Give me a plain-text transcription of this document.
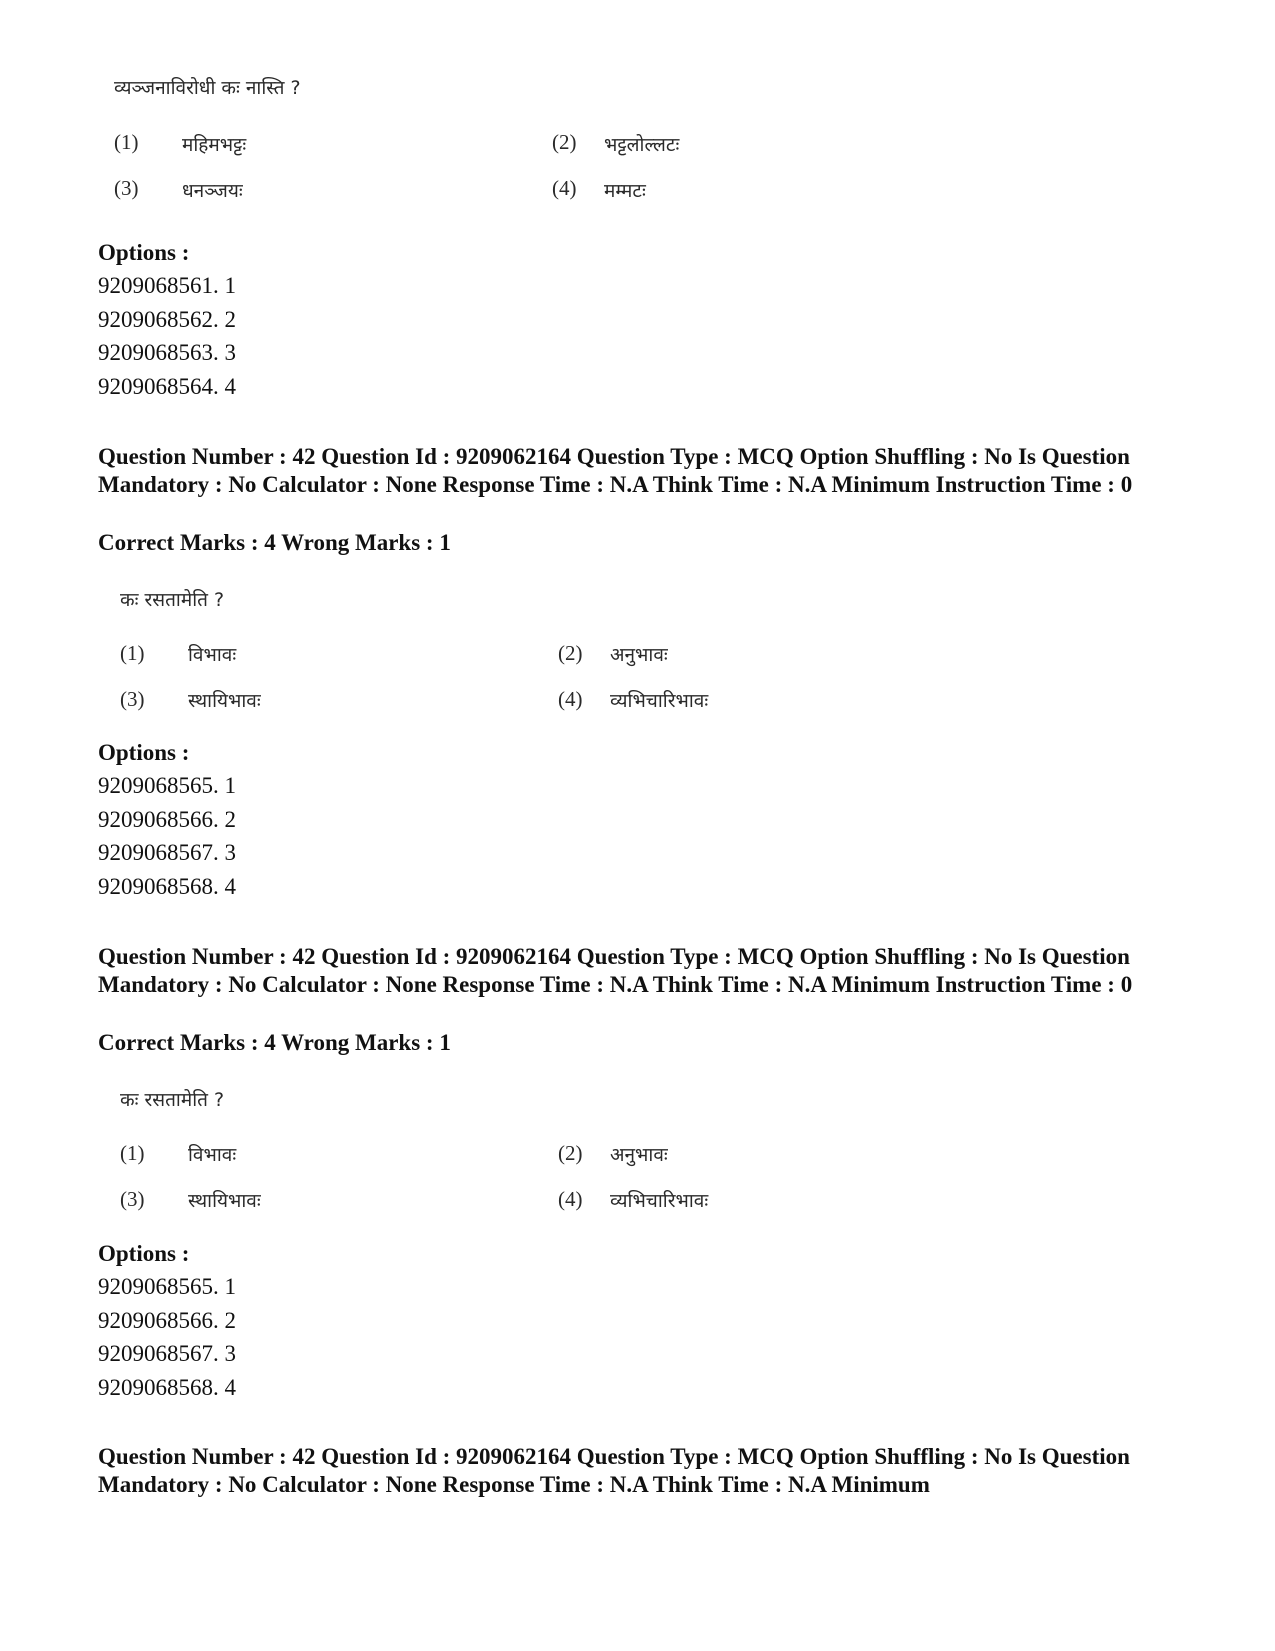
व्यञ्जनाविरोधी कः नास्ति ?
(1) महिमभट्टः	(2) भट्टलोल्लटः
(3) धनञ्जयः	(4) मम्मटः
Options :
9209068561. 1
9209068562. 2
9209068563. 3
9209068564. 4
Question Number : 42 Question Id : 9209062164 Question Type : MCQ Option Shuffling : No Is Question Mandatory : No Calculator : None Response Time : N.A Think Time : N.A Minimum Instruction Time : 0
Correct Marks : 4 Wrong Marks : 1
कः रसतामेति ?
(1) विभावः	(2) अनुभावः
(3) स्थायिभावः	(4) व्यभिचारिभावः
Options :
9209068565. 1
9209068566. 2
9209068567. 3
9209068568. 4
Question Number : 42 Question Id : 9209062164 Question Type : MCQ Option Shuffling : No Is Question Mandatory : No Calculator : None Response Time : N.A Think Time : N.A Minimum Instruction Time : 0
Correct Marks : 4 Wrong Marks : 1
कः रसतामेति ?
(1) विभावः	(2) अनुभावः
(3) स्थायिभावः	(4) व्यभिचारिभावः
Options :
9209068565. 1
9209068566. 2
9209068567. 3
9209068568. 4
Question Number : 42 Question Id : 9209062164 Question Type : MCQ Option Shuffling : No Is Question Mandatory : No Calculator : None Response Time : N.A Think Time : N.A Minimum
